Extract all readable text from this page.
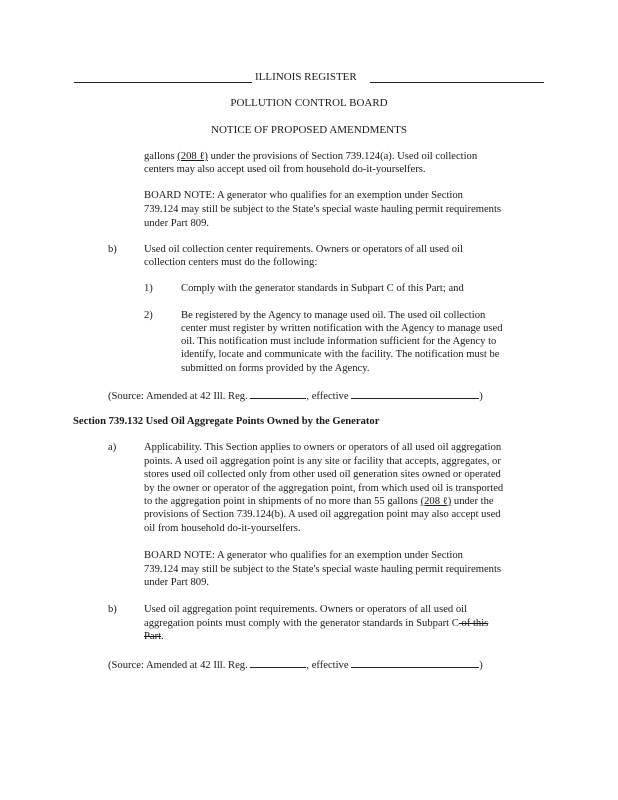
ILLINOIS REGISTER
POLLUTION CONTROL BOARD
NOTICE OF PROPOSED AMENDMENTS
gallons (208 ℓ) under the provisions of Section 739.124(a). Used oil collection
centers may also accept used oil from household do-it-yourselfers.
BOARD NOTE: A generator who qualifies for an exemption under Section
739.124 may still be subject to the State's special waste hauling permit requirements
under Part 809.
b)	Used oil collection center requirements. Owners or operators of all used oil
collection centers must do the following:
1)	Comply with the generator standards in Subpart C of this Part; and
2)	Be registered by the Agency to manage used oil. The used oil collection
center must register by written notification with the Agency to manage used
oil. This notification must include information sufficient for the Agency to
identify, locate and communicate with the facility. The notification must be
submitted on forms provided by the Agency.
(Source: Amended at 42 Ill. Reg.	, effective	)
Section 739.132 Used Oil Aggregate Points Owned by the Generator
a)	Applicability. This Section applies to owners or operators of all used oil aggregation
points. A used oil aggregation point is any site or facility that accepts, aggregates, or
stores used oil collected only from other used oil generation sites owned or operated
by the owner or operator of the aggregation point, from which used oil is transported
to the aggregation point in shipments of no more than 55 gallons (208 ℓ) under the
provisions of Section 739.124(b). A used oil aggregation point may also accept used
oil from household do-it-yourselfers.
BOARD NOTE: A generator who qualifies for an exemption under Section
739.124 may still be subject to the State's special waste hauling permit requirements
under Part 809.
b)	Used oil aggregation point requirements. Owners or operators of all used oil
aggregation points must comply with the generator standards in Subpart C of this
Part.
(Source: Amended at 42 Ill. Reg.	, effective	)
